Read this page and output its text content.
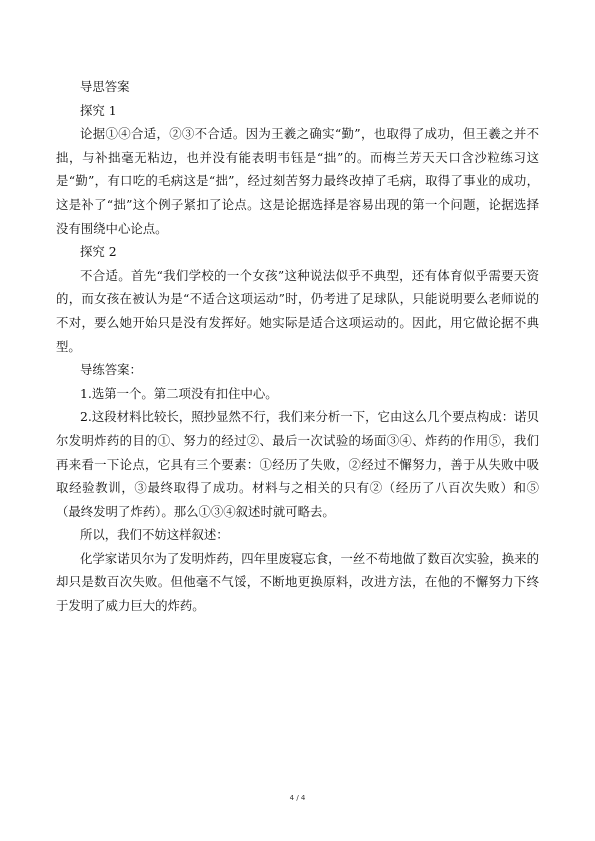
导思答案

探究 1

论据①④合适，②③不合适。因为王羲之确实“勤”，也取得了成功，但王羲之并不拙，与补拙毫无粘边，也并没有能表明韦钰是“拙”的。而梅兰芳天天口含沙粒练习这是“勤”，有口吃的毛病这是“拙”，经过刻苦努力最终改掉了毛病，取得了事业的成功，这是补了“拙”这个例子紧扣了论点。这是论据选择是容易出现的第一个问题，论据选择没有围绕中心论点。

探究 2

不合适。首先“我们学校的一个女孩”这种说法似乎不典型，还有体育似乎需要天资的，而女孩在被认为是“不适合这项运动”时，仍考进了足球队，只能说明要么老师说的不对，要么她开始只是没有发挥好。她实际是适合这项运动的。因此，用它做论据不典型。

导练答案：

1.选第一个。第二项没有扣住中心。

2.这段材料比较长，照抄显然不行，我们来分析一下，它由这么几个要点构成：诺贝尔发明炸药的目的①、努力的经过②、最后一次试验的场面③④、炸药的作用⑤，我们再来看一下论点，它具有三个要素：①经历了失败，②经过不懈努力，善于从失败中吸取经验教训，③最终取得了成功。材料与之相关的只有②（经历了八百次失败）和⑤（最终发明了炸药）。那么①③④叙述时就可略去。

所以，我们不妨这样叙述：

化学家诺贝尔为了发明炸药，四年里废寝忘食，一丝不苟地做了数百次实验，换来的却只是数百次失败。但他毫不气馁，不断地更换原料，改进方法，在他的不懈努力下终于发明了威力巨大的炸药。

4 / 4
